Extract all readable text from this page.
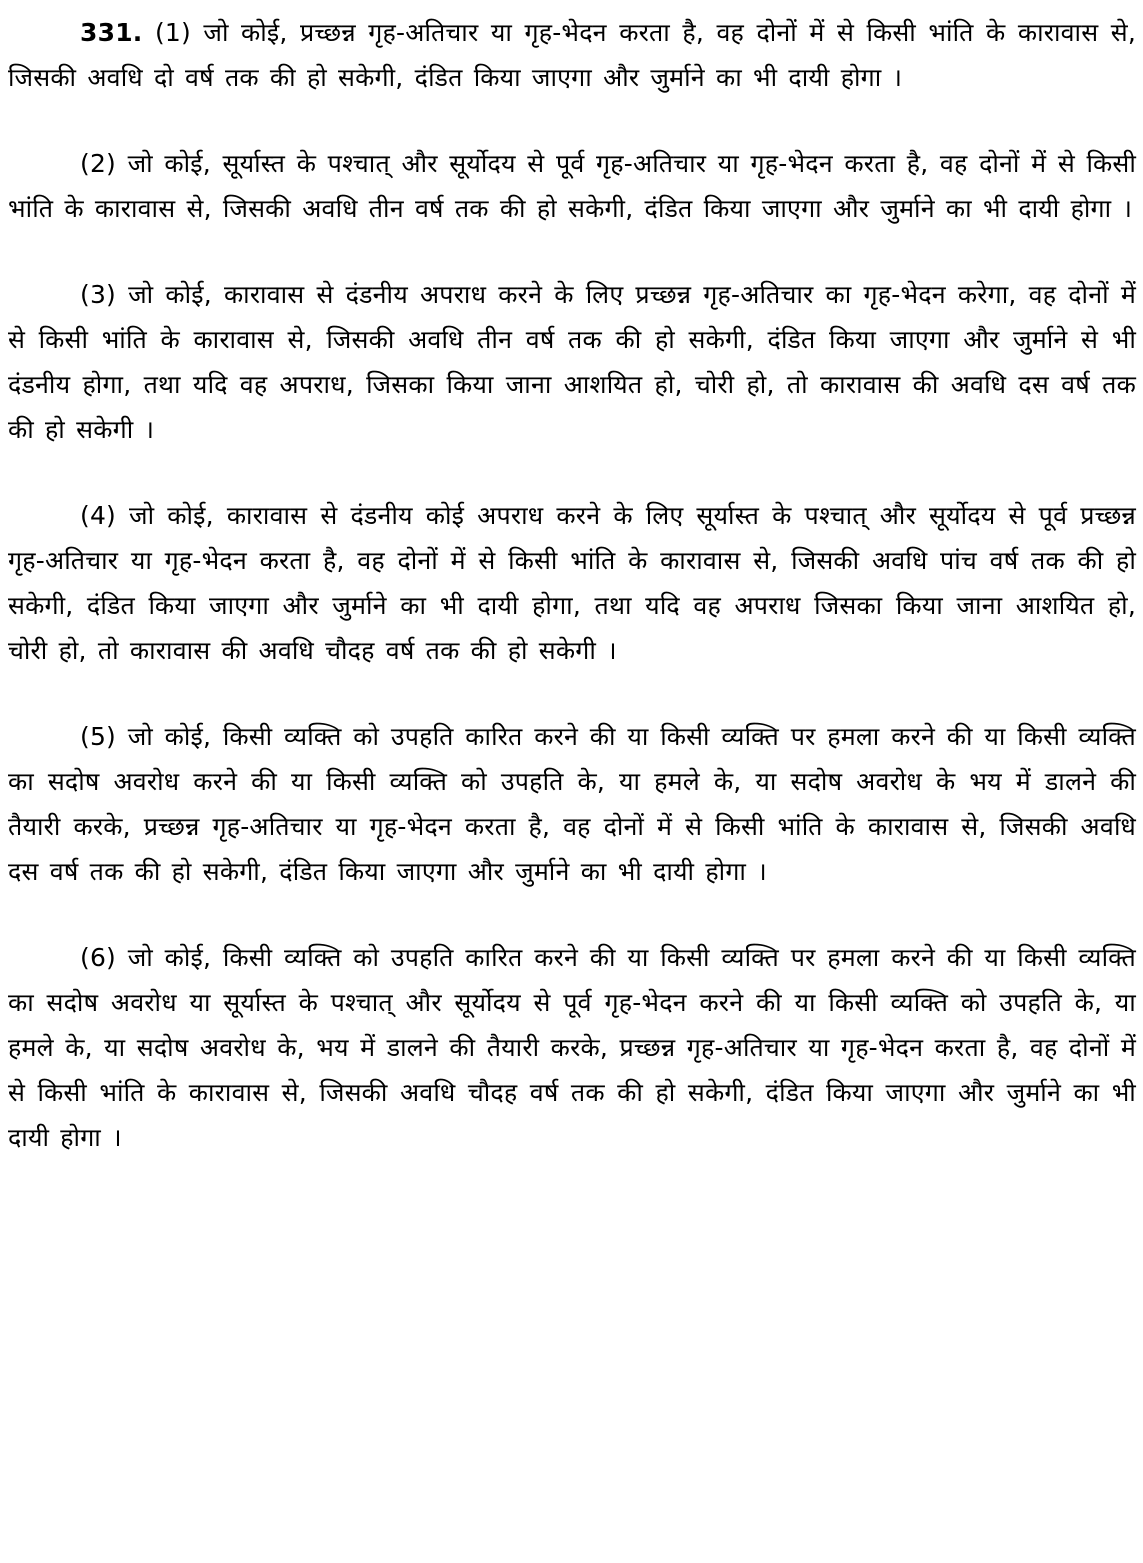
331. (1) जो कोई, प्रच्छन्न गृह-अतिचार या गृह-भेदन करता है, वह दोनों में से किसी भांति के कारावास से, जिसकी अवधि दो वर्ष तक की हो सकेगी, दंडित किया जाएगा और जुर्माने का भी दायी होगा ।

(2) जो कोई, सूर्यास्त के पश्चात् और सूर्योदय से पूर्व गृह-अतिचार या गृह-भेदन करता है, वह दोनों में से किसी भांति के कारावास से, जिसकी अवधि तीन वर्ष तक की हो सकेगी, दंडित किया जाएगा और जुर्माने का भी दायी होगा ।

(3) जो कोई, कारावास से दंडनीय अपराध करने के लिए प्रच्छन्न गृह-अतिचार का गृह-भेदन करेगा, वह दोनों में से किसी भांति के कारावास से, जिसकी अवधि तीन वर्ष तक की हो सकेगी, दंडित किया जाएगा और जुर्माने से भी दंडनीय होगा, तथा यदि वह अपराध, जिसका किया जाना आशयित हो, चोरी हो, तो कारावास की अवधि दस वर्ष तक की हो सकेगी ।

(4) जो कोई, कारावास से दंडनीय कोई अपराध करने के लिए सूर्यास्त के पश्चात् और सूर्योदय से पूर्व प्रच्छन्न गृह-अतिचार या गृह-भेदन करता है, वह दोनों में से किसी भांति के कारावास से, जिसकी अवधि पांच वर्ष तक की हो सकेगी, दंडित किया जाएगा और जुर्माने का भी दायी होगा, तथा यदि वह अपराध जिसका किया जाना आशयित हो, चोरी हो, तो कारावास की अवधि चौदह वर्ष तक की हो सकेगी ।

(5) जो कोई, किसी व्यक्ति को उपहति कारित करने की या किसी व्यक्ति पर हमला करने की या किसी व्यक्ति का सदोष अवरोध करने की या किसी व्यक्ति को उपहति के, या हमले के, या सदोष अवरोध के भय में डालने की तैयारी करके, प्रच्छन्न गृह-अतिचार या गृह-भेदन करता है, वह दोनों में से किसी भांति के कारावास से, जिसकी अवधि दस वर्ष तक की हो सकेगी, दंडित किया जाएगा और जुर्माने का भी दायी होगा ।

(6) जो कोई, किसी व्यक्ति को उपहति कारित करने की या किसी व्यक्ति पर हमला करने की या किसी व्यक्ति का सदोष अवरोध या सूर्यास्त के पश्चात् और सूर्योदय से पूर्व गृह-भेदन करने की या किसी व्यक्ति को उपहति के, या हमले के, या सदोष अवरोध के, भय में डालने की तैयारी करके, प्रच्छन्न गृह-अतिचार या गृह-भेदन करता है, वह दोनों में से किसी भांति के कारावास से, जिसकी अवधि चौदह वर्ष तक की हो सकेगी, दंडित किया जाएगा और जुर्माने का भी दायी होगा ।
